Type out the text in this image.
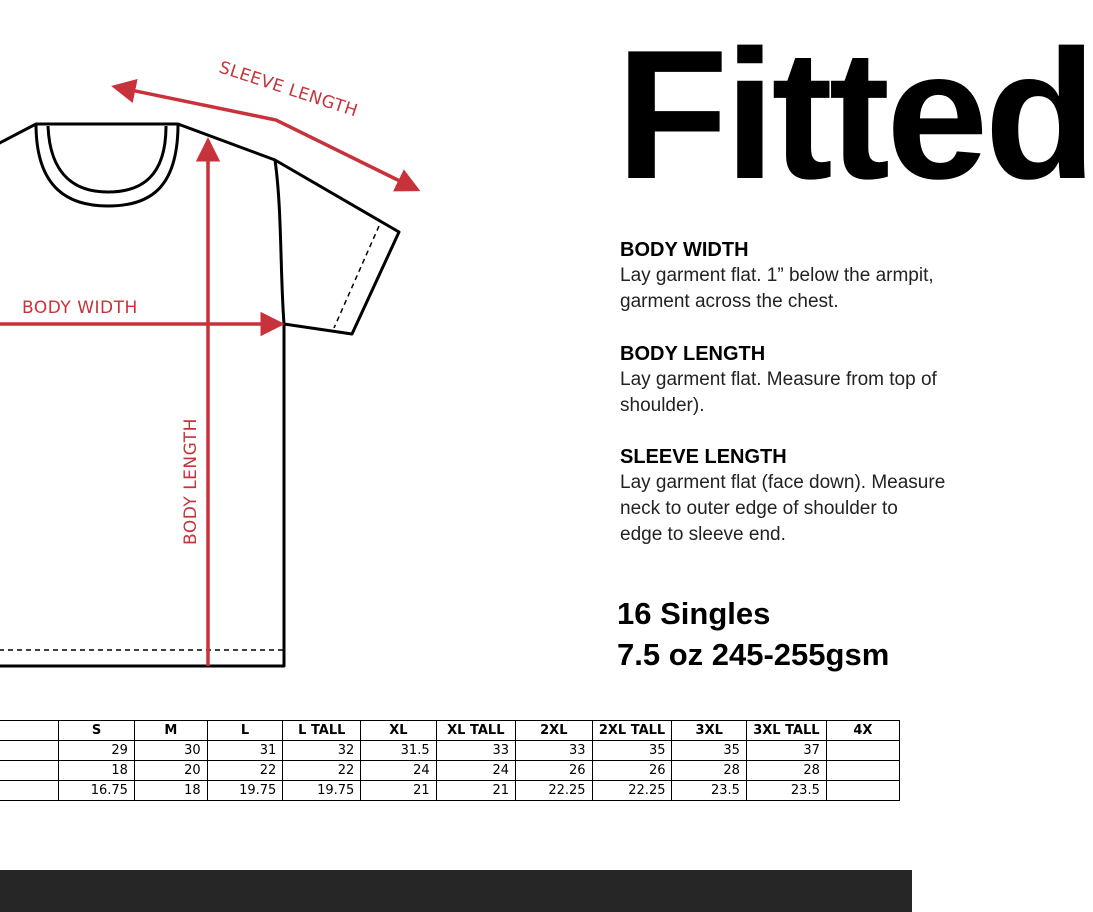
SLEEVE LENGTH
BODY WIDTH
BODY LENGTH
Fitted
BODY WIDTH

Lay garment flat. 1” below the armpit,

garment across the chest.

BODY LENGTH

Lay garment flat. Measure from top of

shoulder).

SLEEVE LENGTH

Lay garment flat (face down). Measure

neck to outer edge of shoulder to

edge to sleeve end.

16 Singles
7.5 oz 245-255gsm
	S	M	L	L TALL	XL	XL TALL	2XL	2XL TALL	3XL	3XL TALL	4X
	29	30	31	32	31.5	33	33	35	35	37	
	18	20	22	22	24	24	26	26	28	28	
	16.75	18	19.75	19.75	21	21	22.25	22.25	23.5	23.5	
